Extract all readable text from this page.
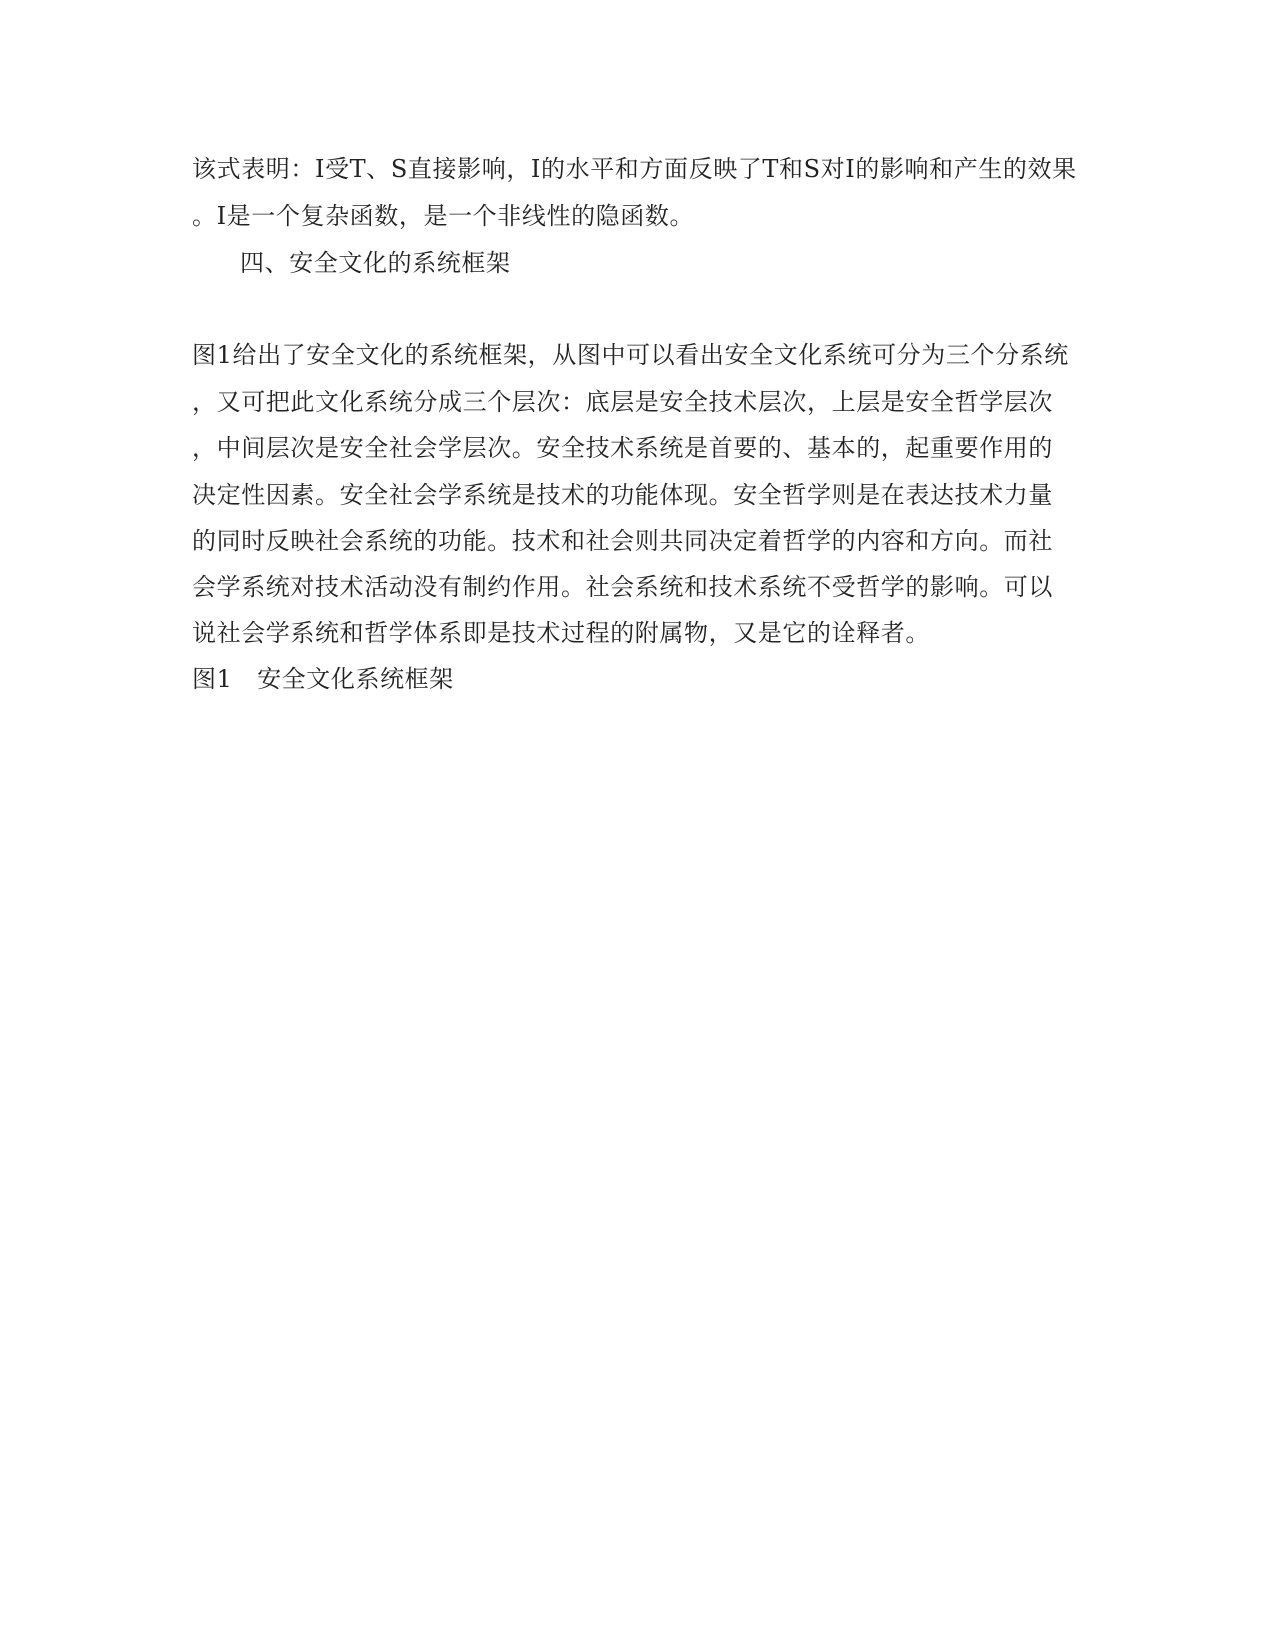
该式表明：I受T、S直接影响，I的水平和方面反映了T和S对I的影响和产生的效果
。I是一个复杂函数，是一个非线性的隐函数。
四、安全文化的系统框架
图1给出了安全文化的系统框架，从图中可以看出安全文化系统可分为三个分系统
，又可把此文化系统分成三个层次：底层是安全技术层次，上层是安全哲学层次
，中间层次是安全社会学层次。安全技术系统是首要的、基本的，起重要作用的
决定性因素。安全社会学系统是技术的功能体现。安全哲学则是在表达技术力量
的同时反映社会系统的功能。技术和社会则共同决定着哲学的内容和方向。而社
会学系统对技术活动没有制约作用。社会系统和技术系统不受哲学的影响。可以
说社会学系统和哲学体系即是技术过程的附属物，又是它的诠释者。
图1　安全文化系统框架
